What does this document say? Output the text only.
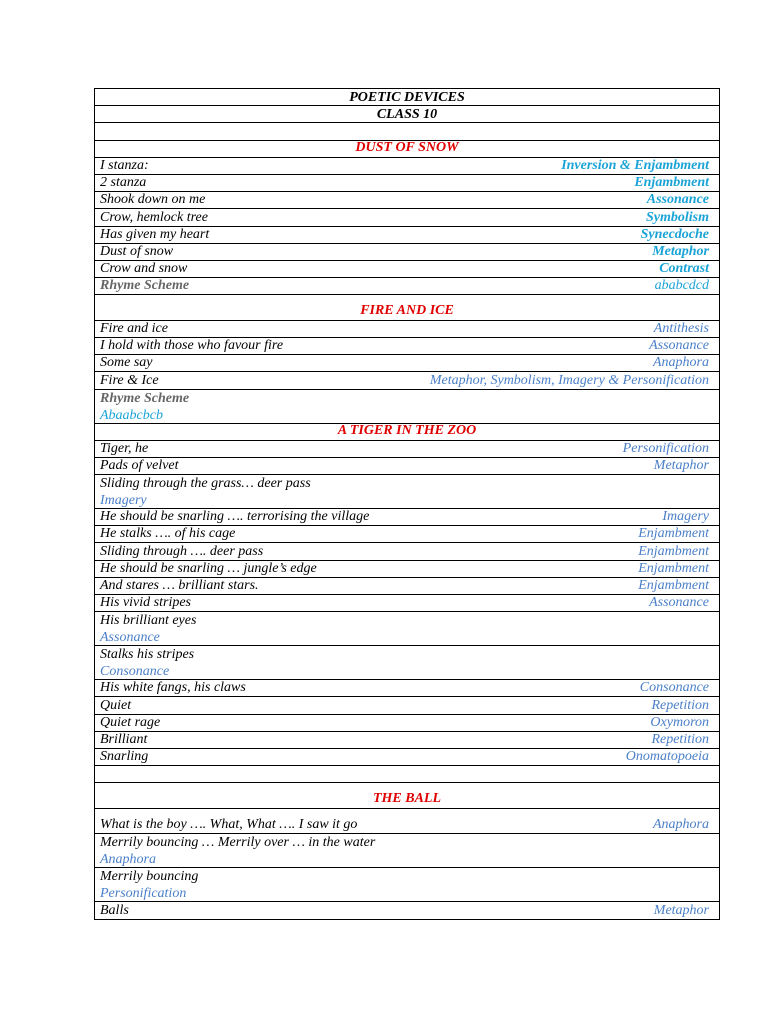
POETIC DEVICES
CLASS 10
DUST OF SNOW
I stanza:	Inversion & Enjambment
2 stanza	Enjambment
Shook down on me	Assonance
Crow, hemlock tree	Symbolism
Has given my heart	Synecdoche
Dust of snow	Metaphor
Crow and snow	Contrast
Rhyme Scheme	ababcdcd
FIRE AND ICE
Fire and ice	Antithesis
I hold with those who favour fire	Assonance
Some say	Anaphora
Fire & Ice	Metaphor, Symbolism, Imagery & Personification
Rhyme Scheme
Abaabcbcb
A TIGER IN THE ZOO
Tiger, he	Personification
Pads of velvet	Metaphor
Sliding through the grass… deer pass
Imagery
He should be snarling …. terrorising the village	Imagery
He stalks …. of his cage	Enjambment
Sliding through …. deer pass	Enjambment
He should be snarling … jungle’s edge	Enjambment
And stares … brilliant stars.	Enjambment
His vivid stripes	Assonance
His brilliant eyes
Assonance
Stalks his stripes
Consonance
His white fangs, his claws	Consonance
Quiet	Repetition
Quiet rage	Oxymoron
Brilliant	Repetition
Snarling	Onomatopoeia
THE BALL
What is the boy …. What, What …. I saw it go	Anaphora
Merrily bouncing … Merrily over … in the water
Anaphora
Merrily bouncing
Personification
Balls	Metaphor
